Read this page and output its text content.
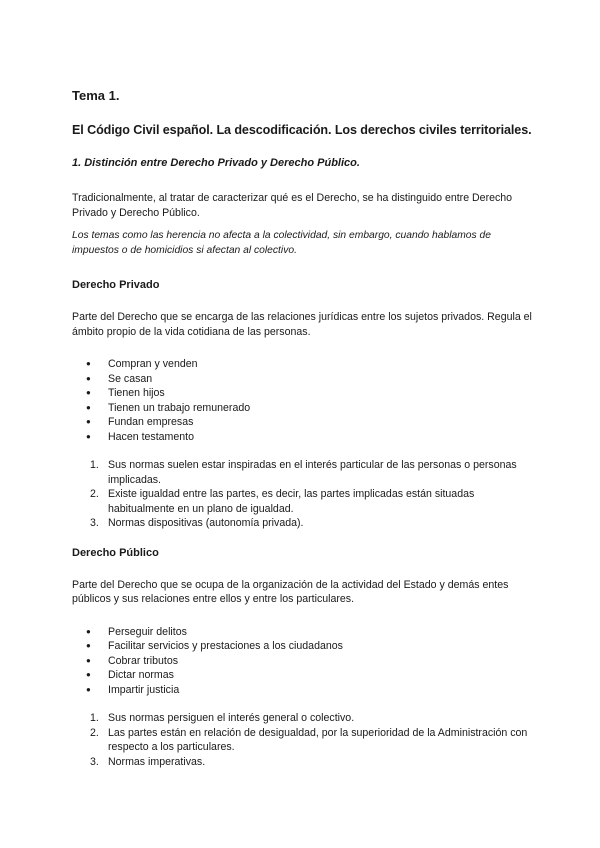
Tema 1.
El Código Civil español. La descodificación. Los derechos civiles territoriales.
1. Distinción entre Derecho Privado y Derecho Público.

Tradicionalmente, al tratar de caracterizar qué es el Derecho, se ha distinguido entre Derecho Privado y Derecho Público.

Los temas como las herencia no afecta a la colectividad, sin embargo, cuando hablamos de

impuestos o de homicidios si afectan al colectivo.

Derecho Privado

Parte del Derecho que se encarga de las relaciones jurídicas entre los sujetos privados. Regula el ámbito propio de la vida cotidiana de las personas.

● Compran y venden
● Se casan
● Tienen hijos
● Tienen un trabajo remunerado
● Fundan empresas
● Hacen testamento
1. Sus normas suelen estar inspiradas en el interés particular de las personas o personas implicadas.
2. Existe igualdad entre las partes, es decir, las partes implicadas están situadas habitualmente en un plano de igualdad.
3. Normas dispositivas (autonomía privada).
Derecho Público

Parte del Derecho que se ocupa de la organización de la actividad del Estado y demás entes públicos y sus relaciones entre ellos y entre los particulares.

● Perseguir delitos
● Facilitar servicios y prestaciones a los ciudadanos
● Cobrar tributos
● Dictar normas
● Impartir justicia
1. Sus normas persiguen el interés general o colectivo.
2. Las partes están en relación de desigualdad, por la superioridad de la Administración con respecto a los particulares.
3. Normas imperativas.
